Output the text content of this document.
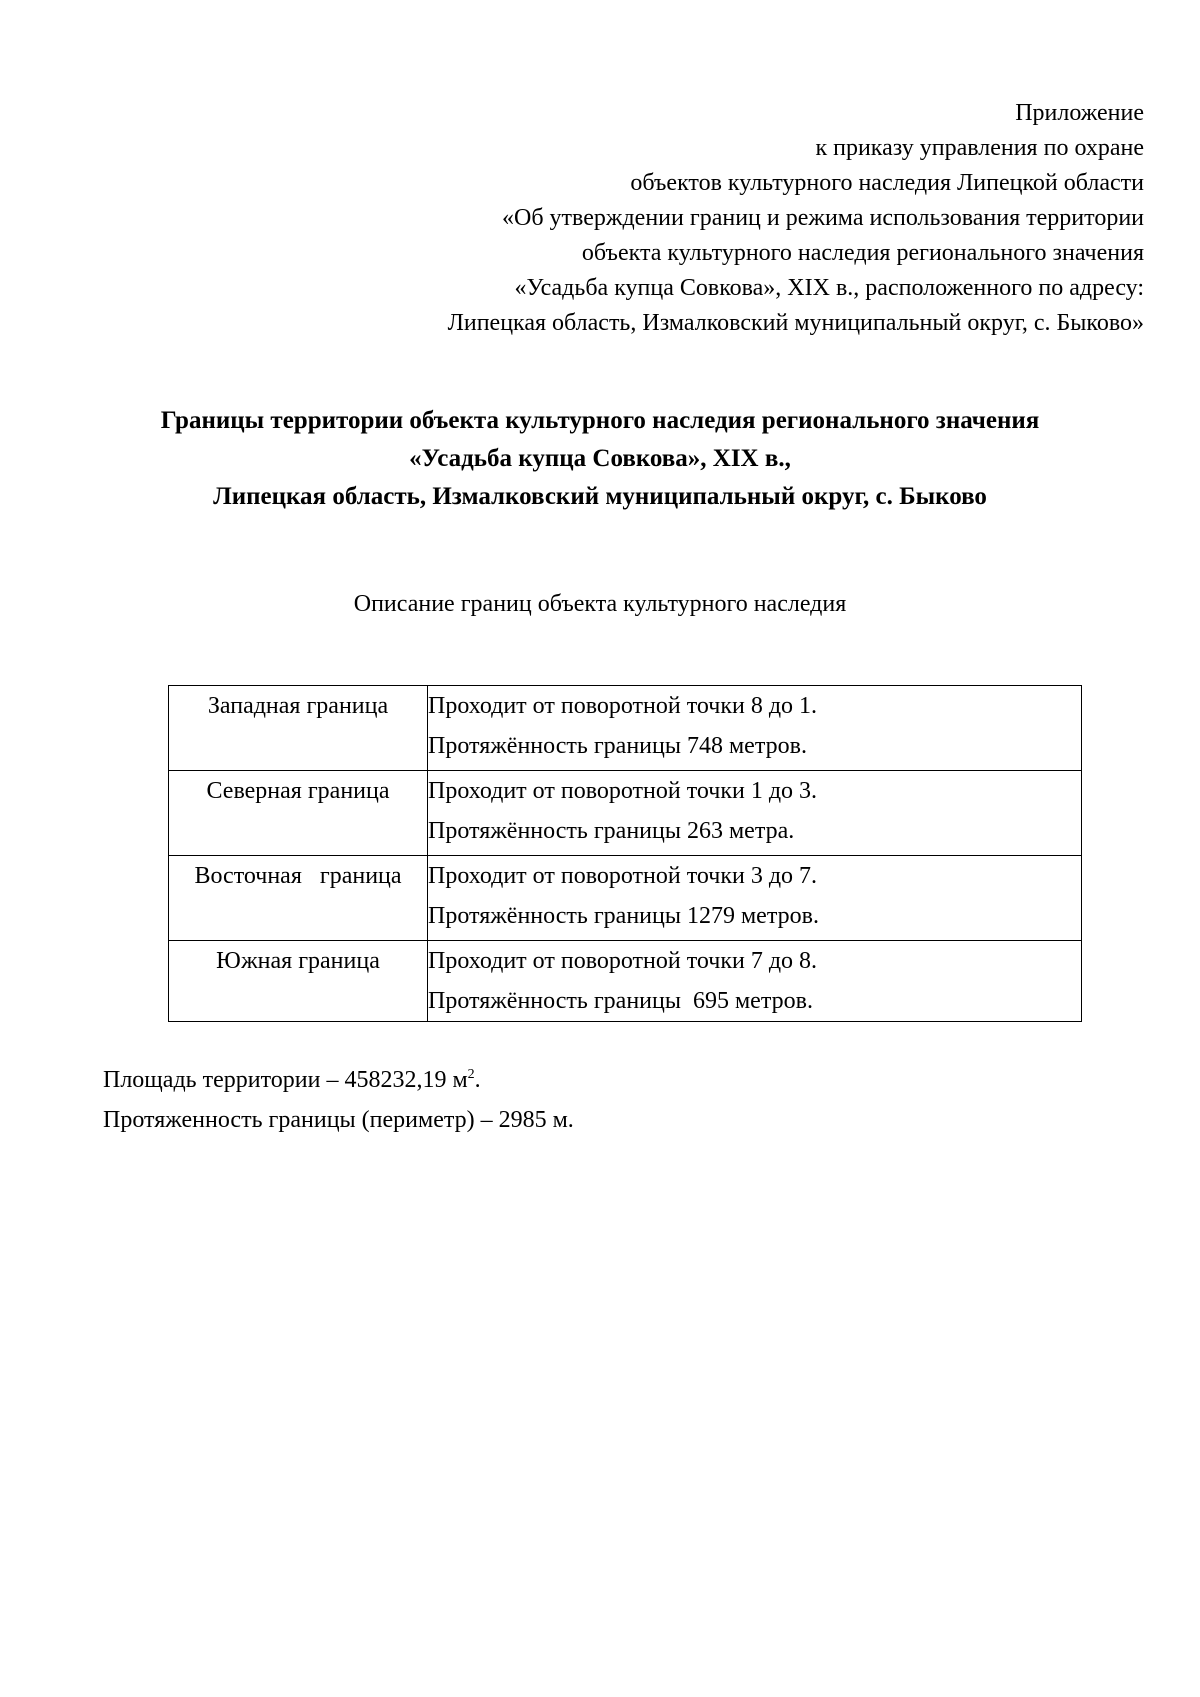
Приложение
к приказу управления по охране
объектов культурного наследия Липецкой области
«Об утверждении границ и режима использования территории
объекта культурного наследия регионального значения
«Усадьба купца Совкова», XIX в., расположенного по адресу:
Липецкая область, Измалковский муниципальный округ, с. Быково»
Границы территории объекта культурного наследия регионального значения
«Усадьба купца Совкова», XIX в.,
Липецкая область, Измалковский муниципальный округ, с. Быково
Описание границ объекта культурного наследия
Западная граница	Проходит от поворотной точки 8 до 1.
Протяжённость границы 748 метров.

Северная граница	Проходит от поворотной точки 1 до 3.
Протяжённость границы 263 метра.

Восточная   граница	Проходит от поворотной точки 3 до 7.
Протяжённость границы 1279 метров.

Южная граница	Проходит от поворотной точки 7 до 8.
Протяжённость границы  695 метров.
Площадь территории – 458232,19 $м^2$.
Протяженность границы (периметр) – 2985 м.
